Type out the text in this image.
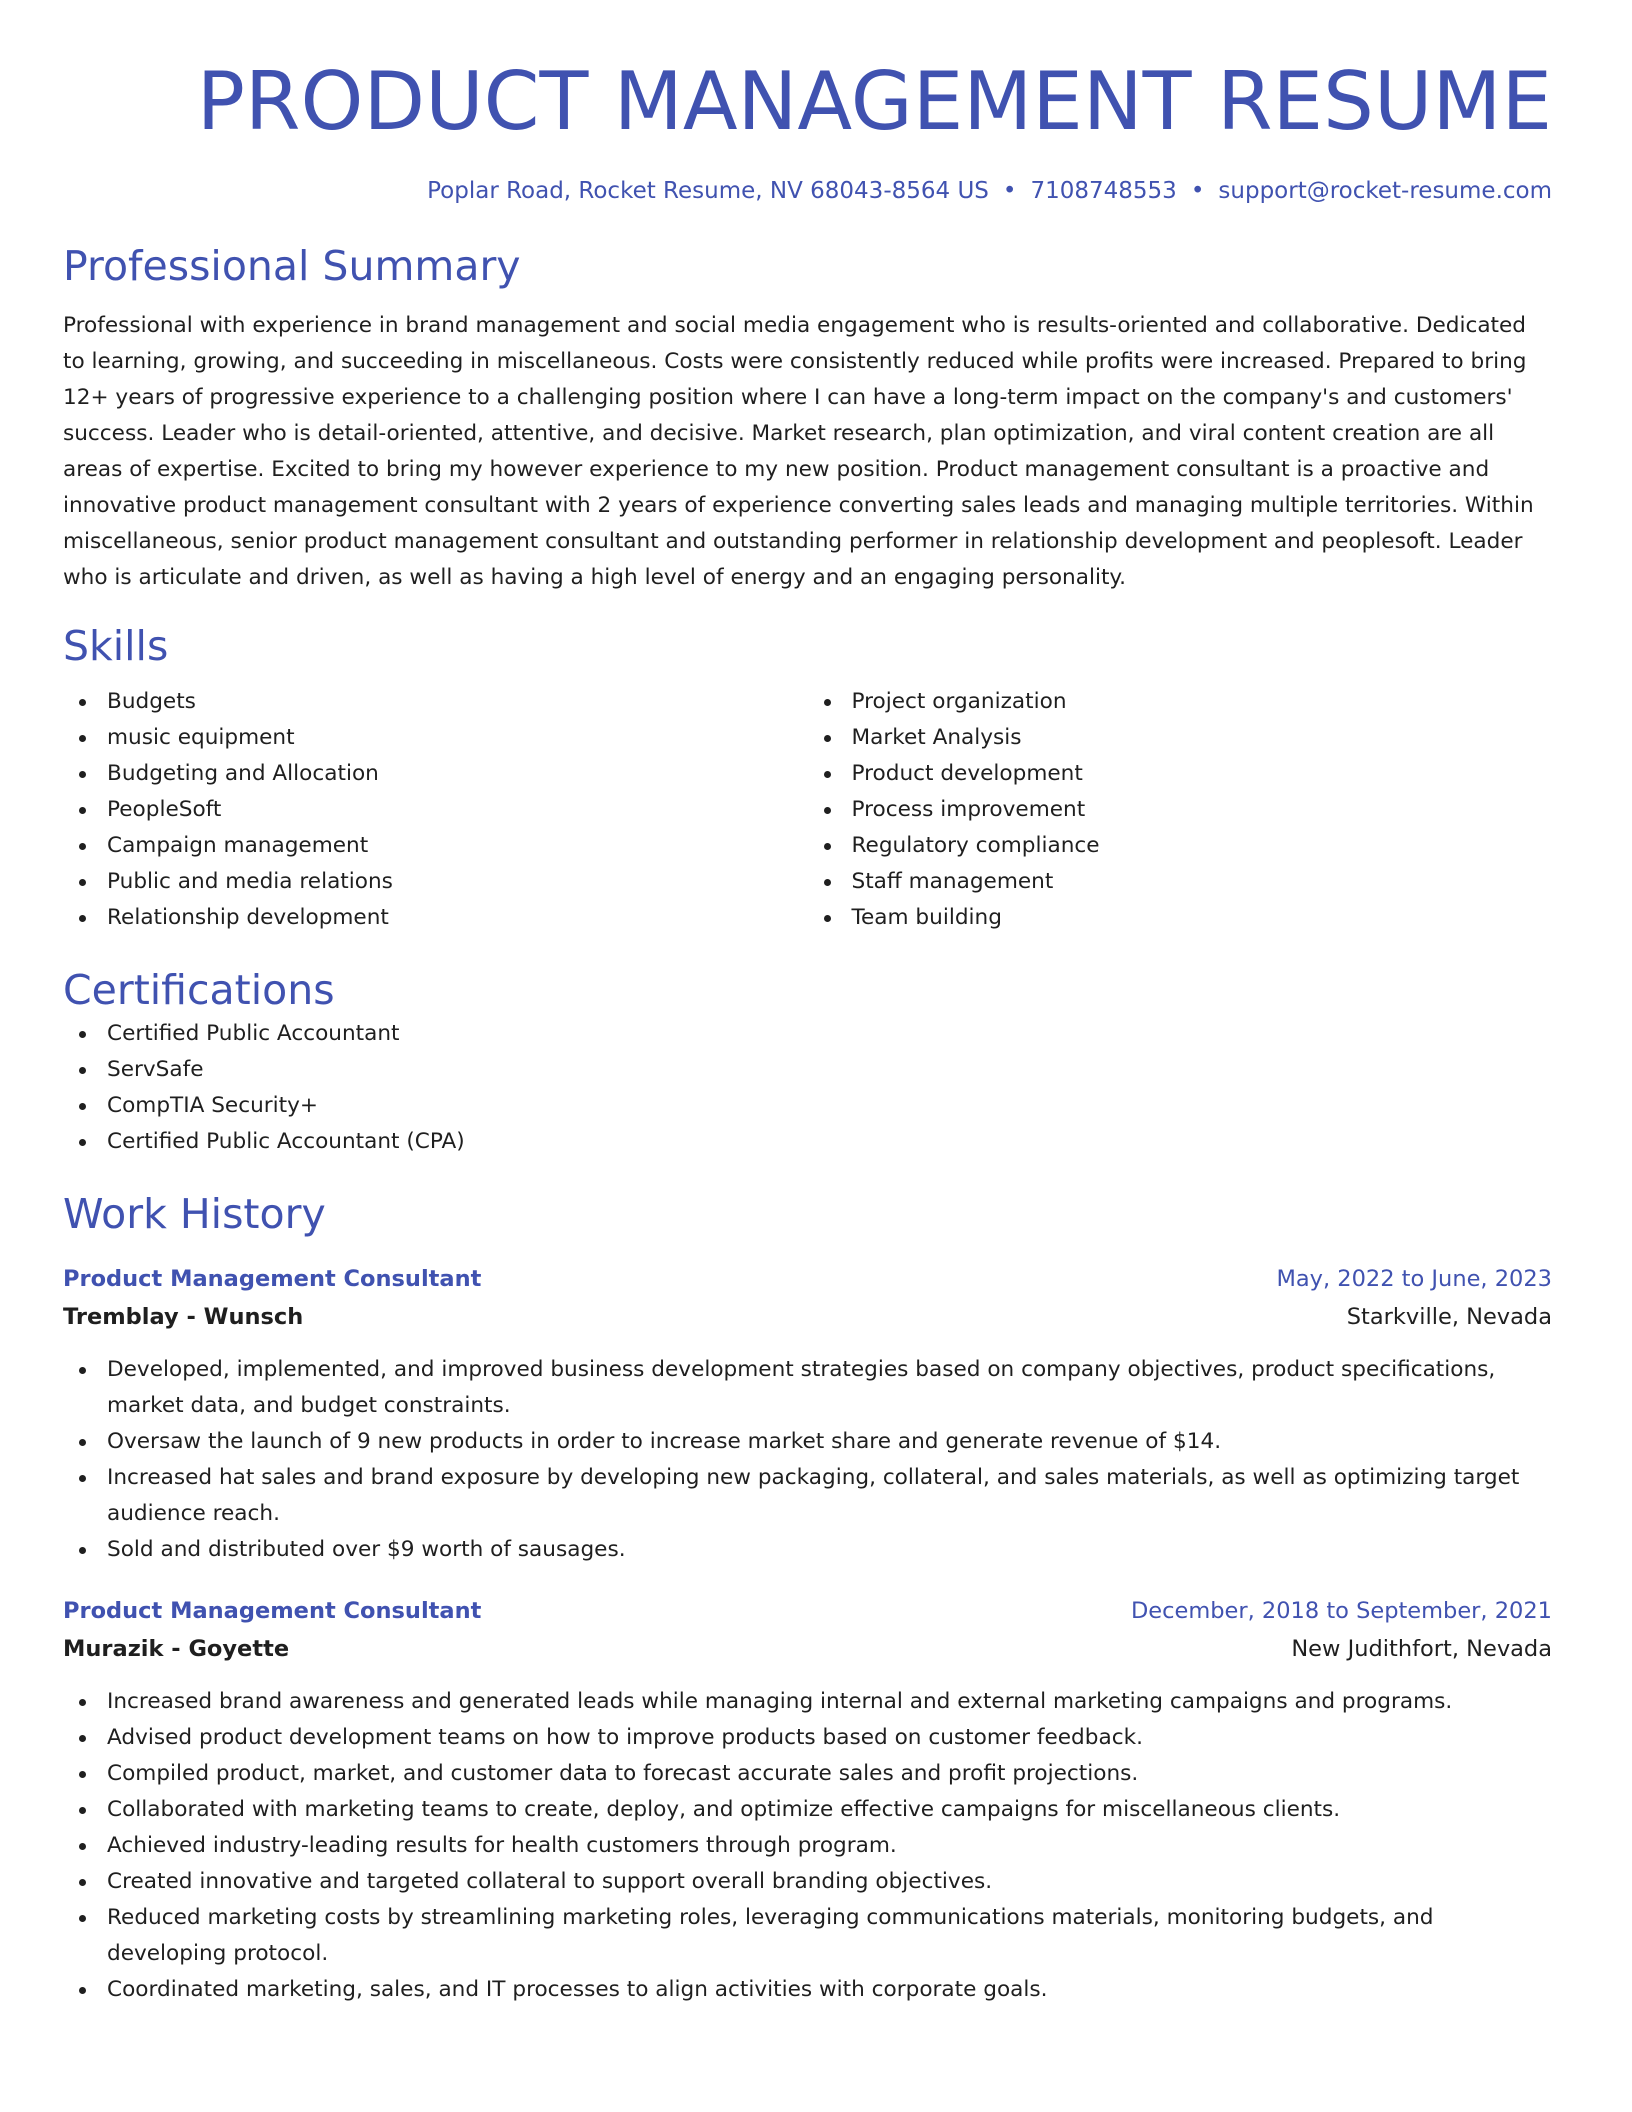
PRODUCT MANAGEMENT RESUME
Poplar Road, Rocket Resume, NV 68043-8564 US • 7108748553 • support@rocket-resume.com
Professional Summary

Professional with experience in brand management and social media engagement who is results-oriented and collaborative. Dedicated to learning, growing, and succeeding in miscellaneous. Costs were consistently reduced while profits were increased. Prepared to bring 12+ years of progressive experience to a challenging position where I can have a long-term impact on the company's and customers' success. Leader who is detail-oriented, attentive, and decisive. Market research, plan optimization, and viral content creation are all areas of expertise. Excited to bring my however experience to my new position. Product management consultant is a proactive and innovative product management consultant with 2 years of experience converting sales leads and managing multiple territories. Within miscellaneous, senior product management consultant and outstanding performer in relationship development and peoplesoft. Leader who is articulate and driven, as well as having a high level of energy and an engaging personality.

Skills
Budgets
music equipment
Budgeting and Allocation
PeopleSoft
Campaign management
Public and media relations
Relationship development
Project organization
Market Analysis
Product development
Process improvement
Regulatory compliance
Staff management
Team building
Certifications
Certified Public Accountant
ServSafe
CompTIA Security+
Certified Public Accountant (CPA)
Work History
Product Management Consultant	May, 2022 to June, 2023
Tremblay - Wunsch	Starkville, Nevada
Developed, implemented, and improved business development strategies based on company objectives, product specifications, market data, and budget constraints.
Oversaw the launch of 9 new products in order to increase market share and generate revenue of $14.
Increased hat sales and brand exposure by developing new packaging, collateral, and sales materials, as well as optimizing target audience reach.
Sold and distributed over $9 worth of sausages.
Product Management Consultant	December, 2018 to September, 2021
Murazik - Goyette	New Judithfort, Nevada
Increased brand awareness and generated leads while managing internal and external marketing campaigns and programs.
Advised product development teams on how to improve products based on customer feedback.
Compiled product, market, and customer data to forecast accurate sales and profit projections.
Collaborated with marketing teams to create, deploy, and optimize effective campaigns for miscellaneous clients.
Achieved industry-leading results for health customers through program.
Created innovative and targeted collateral to support overall branding objectives.
Reduced marketing costs by streamlining marketing roles, leveraging communications materials, monitoring budgets, and developing protocol.
Coordinated marketing, sales, and IT processes to align activities with corporate goals.
